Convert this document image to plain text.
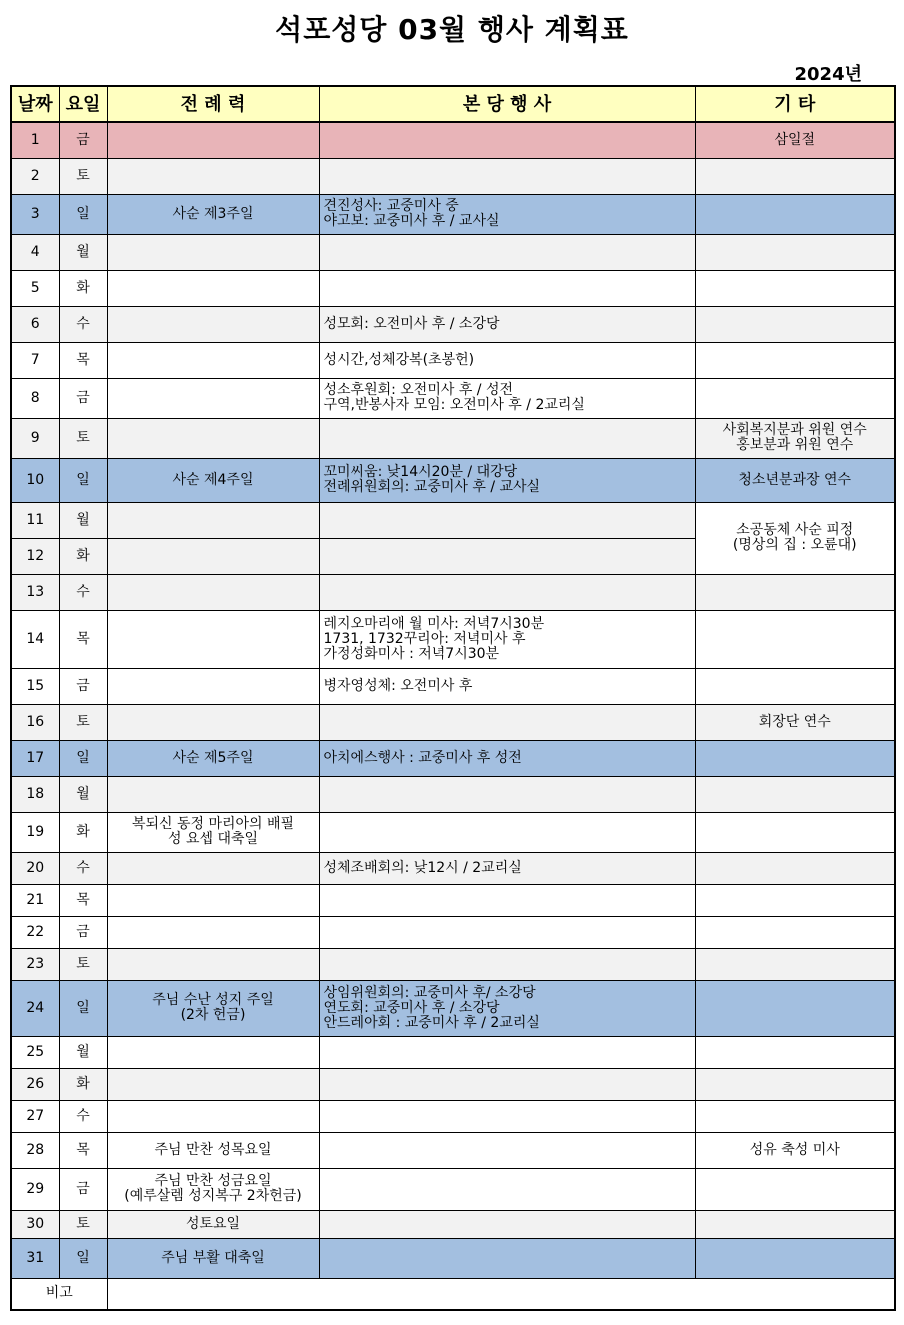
석포성당 03월 행사 계획표
2024년
날짜	요일	전 례 력	본 당 행 사	기 타
1	금			삼일절
2	토			
3	일	사순 제3주일	견진성사: 교중미사 중
야고보: 교중미사 후 / 교사실	
4	월			
5	화			
6	수		성모회: 오전미사 후 / 소강당	
7	목		성시간,성체강복(초봉헌)	
8	금		성소후원회: 오전미사 후 / 성전
구역,반봉사자 모임: 오전미사 후 / 2교리실	
9	토			사회복지분과 위원 연수
홍보분과 위원 연수
10	일	사순 제4주일	꼬미씨움: 낮14시20분 / 대강당
전례위원회의: 교중미사 후 / 교사실	청소년분과장 연수
11	월			소공동체 사순 피정
(명상의 집 : 오륜대)
12	화			
13	수			
14	목		레지오마리애 월 미사: 저녁7시30분
1731, 1732꾸리아: 저녁미사 후
가정성화미사 : 저녁7시30분	
15	금		병자영성체: 오전미사 후	
16	토			회장단 연수
17	일	사순 제5주일	아치에스행사 : 교중미사 후 성전	
18	월			
19	화	복되신 동정 마리아의 배필
성 요셉 대축일		
20	수		성체조배회의: 낮12시 / 2교리실	
21	목			
22	금			
23	토			
24	일	주님 수난 성지 주일
(2차 헌금)	상임위원회의: 교중미사 후/ 소강당
연도회: 교중미사 후 / 소강당
안드레아회 : 교중미사 후 / 2교리실	
25	월			
26	화			
27	수			
28	목	주님 만찬 성목요일		성유 축성 미사
29	금	주님 만찬 성금요일
(예루살렘 성지복구 2차헌금)		
30	토	성토요일		
31	일	주님 부활 대축일		
비고				
